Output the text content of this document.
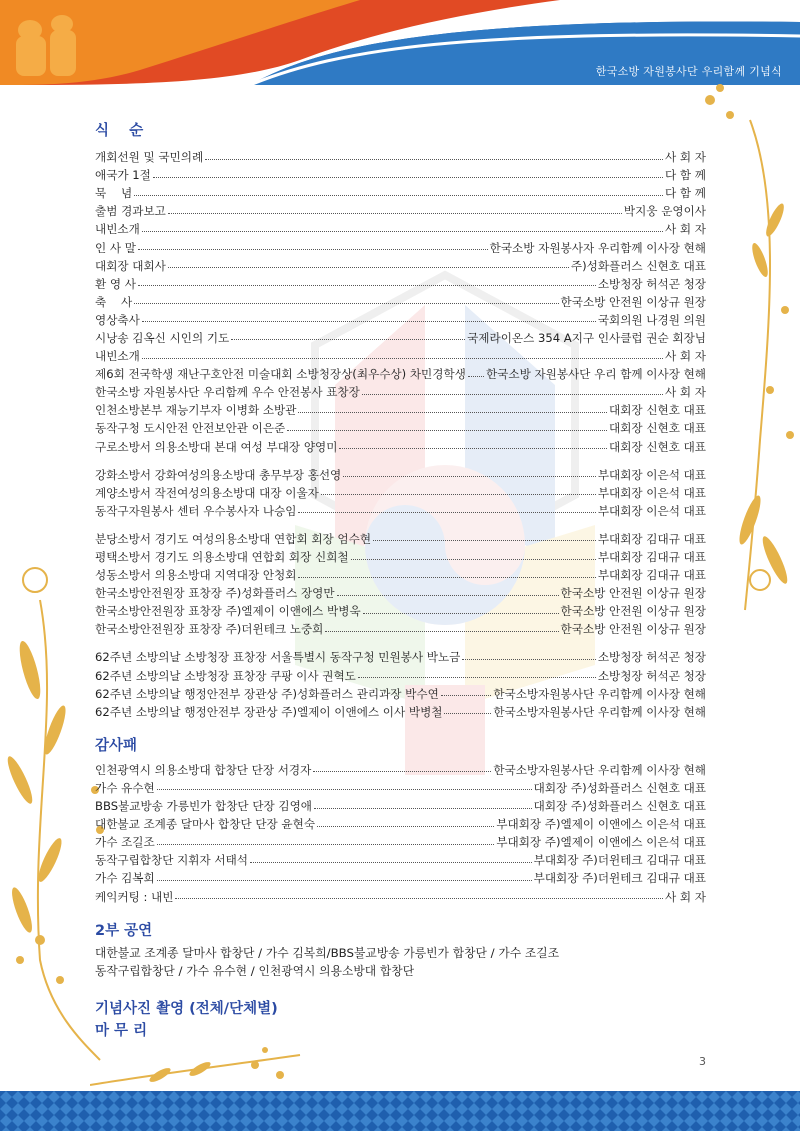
한국소방 자원봉사단 우리함께 기념식
식    순
개회선원 및 국민의례	사 회 자
애국가 1절	다 함 께
묵    념	다 함 께
출범 경과보고	박지웅 운영이사
내빈소개	사 회 자
인 사 말	한국소방 자원봉사자 우리함께 이사장 현해
대회장 대회사	주)성화플러스 신현호 대표
환 영 사	소방청장 허석곤 청장
축    사	한국소방 안전원 이상규 원장
영상축사	국회의원 나경원 의원
시낭송 김옥신 시인의 기도	국제라이온스 354 A지구 인사클럽 권순 회장님
내빈소개	사 회 자
제6회 전국학생 재난구호안전 미술대회 소방청장상(최우수상) 차민경학생 한국소방 자원봉사단 우리 함께 이사장 현해
한국소방 자원봉사단 우리함께 우수 안전봉사 표창장	사 회 자
인천소방본부 재능기부자 이병화 소방관	대회장 신현호 대표
동작구청 도시안전 안전보안관 이은준	대회장 신현호 대표
구로소방서 의용소방대 본대 여성 부대장 양영미	대회장 신현호 대표
강화소방서 강화여성의용소방대 총무부장 홍선영	부대회장 이은석 대표
계양소방서 작전여성의용소방대 대장 이울자	부대회장 이은석 대표
동작구자원봉사 센터 우수봉사자 나승임	부대회장 이은석 대표
분당소방서 경기도 여성의용소방대 연합회 회장 엄수현	부대회장 김대규 대표
평택소방서 경기도 의용소방대 연합회 회장 신희철	부대회장 김대규 대표
성동소방서 의용소방대 지역대장 안청회	부대회장 김대규 대표
한국소방안전원장 표창장 주)성화플러스 장영만	한국소방 안전원 이상규 원장
한국소방안전원장 표창장 주)엘제이 이앤에스 박병욱	한국소방 안전원 이상규 원장
한국소방안전원장 표창장 주)더윈테크 노중희	한국소방 안전원 이상규 원장
62주년 소방의날 소방청장 표창장 서울특별시 동작구청 민원봉사 박노금	소방청장 허석곤 청장
62주년 소방의날 소방청장 표창장 쿠팡 이사 권혁도	소방청장 허석곤 청장
62주년 소방의날 행정안전부 장관상 주)성화플러스 관리과장 박수연	한국소방자원봉사단 우리함께 이사장 현해
62주년 소방의날 행정안전부 장관상 주)엘제이 이앤에스 이사 박병철	한국소방자원봉사단 우리함께 이사장 현해
감사패
인천광역시 의용소방대 합창단 단장 서경자	한국소방자원봉사단 우리함께 이사장 현해
가수 유수현	대회장 주)성화플러스 신현호 대표
BBS불교방송 가릉빈가 합창단 단장 김영애	대회장 주)성화플러스 신현호 대표
대한불교 조계종 달마사 합창단 단장 윤현숙	부대회장 주)엘제이 이앤에스 이은석 대표
가수 조길조	부대회장 주)엘제이 이앤에스 이은석 대표
동작구립합창단 지휘자 서태석	부대회장 주)더윈테크 김대규 대표
가수 김복희	부대회장 주)더윈테크 김대규 대표
케익커팅 : 내빈	사 회 자
2부 공연
대한불교 조계종 달마사 합창단 / 가수 김복희/BBS불교방송 가릉빈가 합창단 / 가수 조길조
동작구립합창단 / 가수 유수현 / 인천광역시 의용소방대 합창단
기념사진 촬영 (전체/단체별)
마 무 리
3
